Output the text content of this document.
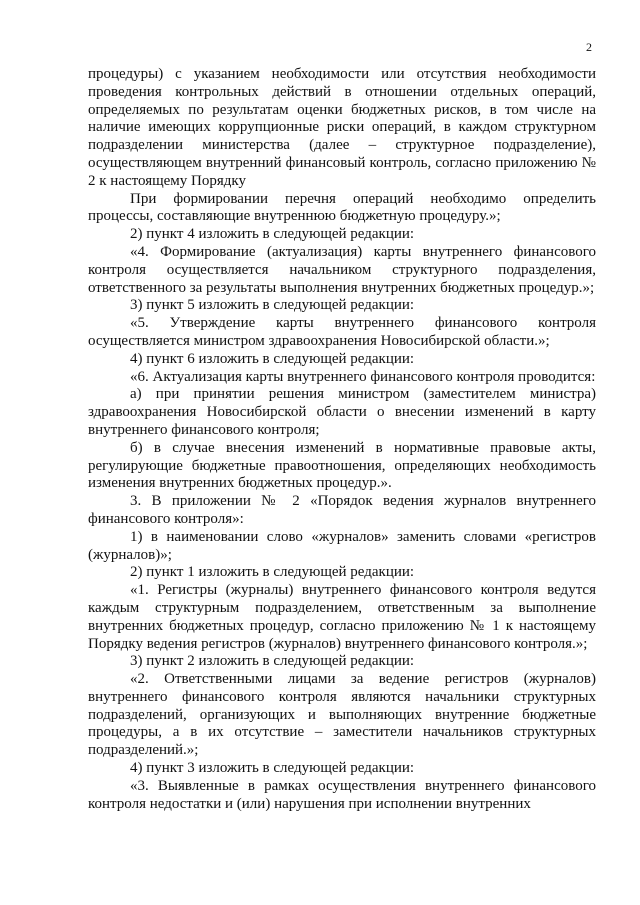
2

процедуры) с указанием необходимости или отсутствия необходимости проведения контрольных действий в отношении отдельных операций, определяемых по результатам оценки бюджетных рисков, в том числе на наличие имеющих коррупционные риски операций, в каждом структурном подразделении министерства (далее – структурное подразделение), осуществляющем внутренний финансовый контроль, согласно приложению № 2 к настоящему Порядку

При формировании перечня операций необходимо определить процессы, составляющие внутреннюю бюджетную процедуру.»;

2) пункт 4 изложить в следующей редакции:

«4. Формирование (актуализация) карты внутреннего финансового контроля осуществляется начальником структурного подразделения, ответственного за результаты выполнения внутренних бюджетных процедур.»;

3) пункт 5 изложить в следующей редакции:

«5. Утверждение карты внутреннего финансового контроля осуществляется министром здравоохранения Новосибирской области.»;

4) пункт 6 изложить в следующей редакции:

«6. Актуализация карты внутреннего финансового контроля проводится:

а) при принятии решения министром (заместителем министра) здравоохранения Новосибирской области о внесении изменений в карту внутреннего финансового контроля;

б) в случае внесения изменений в нормативные правовые акты, регулирующие бюджетные правоотношения, определяющих необходимость изменения внутренних бюджетных процедур.».

3. В приложении № 2 «Порядок ведения журналов внутреннего финансового контроля»:

1) в наименовании слово «журналов» заменить словами «регистров (журналов)»;

2) пункт 1 изложить в следующей редакции:

«1. Регистры (журналы) внутреннего финансового контроля ведутся каждым структурным подразделением, ответственным за выполнение внутренних бюджетных процедур, согласно приложению № 1 к настоящему Порядку ведения регистров (журналов) внутреннего финансового контроля.»;

3) пункт 2 изложить в следующей редакции:

«2. Ответственными лицами за ведение регистров (журналов) внутреннего финансового контроля являются начальники структурных подразделений, организующих и выполняющих внутренние бюджетные процедуры, а в их отсутствие – заместители начальников структурных подразделений.»;

4) пункт 3 изложить в следующей редакции:

«3. Выявленные в рамках осуществления внутреннего финансового контроля недостатки и (или) нарушения при исполнении внутренних
